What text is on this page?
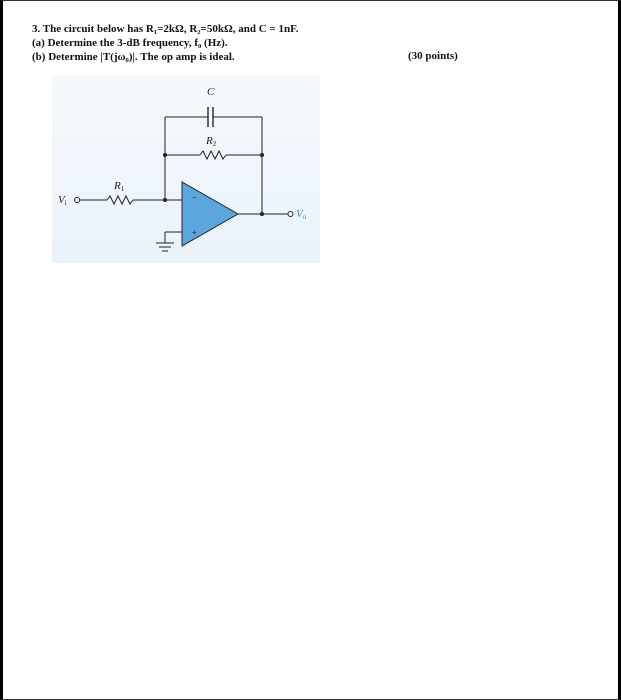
3. The circuit below has R₁=2kΩ, R₂=50kΩ, and C = 1nF.
(a) Determine the 3-dB frequency, f₀ (Hz).
(b) Determine |T(jω₀)|. The op amp is ideal.	(30 points)
C
$R_2$
$R_1$
$V_i$
$V_o$
−
+
